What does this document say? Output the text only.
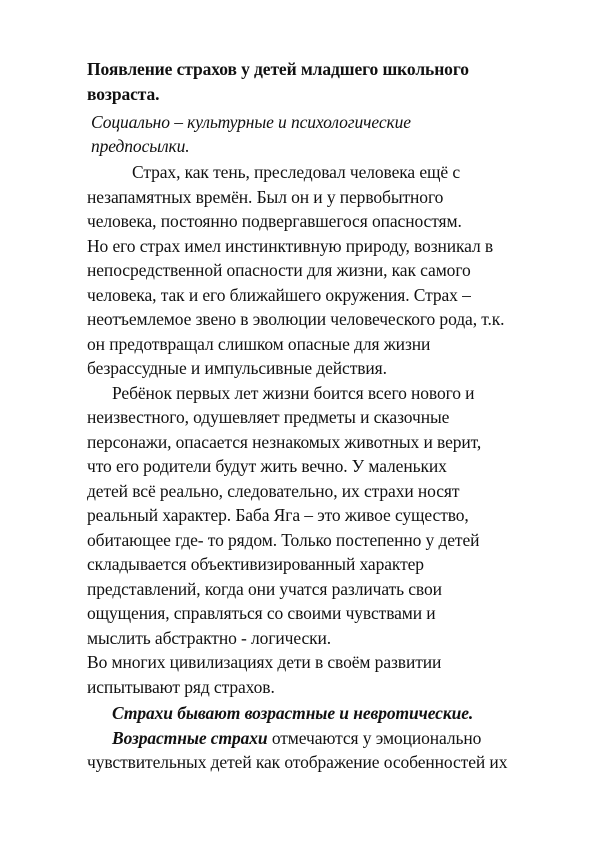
Появление страхов у детей младшего школьного
возраста.
Социально – культурные и психологические
предпосылки.
Страх, как тень, преследовал человека ещё с
незапамятных времён. Был он и у первобытного
человека, постоянно подвергавшегося опасностям.
Но его страх имел инстинктивную природу, возникал в
непосредственной опасности для жизни, как самого
человека, так и его ближайшего окружения. Страх –
неотъемлемое звено в эволюции человеческого рода, т.к.
он предотвращал слишком опасные для жизни
безрассудные и импульсивные действия.
Ребёнок первых лет жизни боится всего нового и
неизвестного, одушевляет предметы и сказочные
персонажи, опасается незнакомых животных и верит,
что его родители будут жить вечно. У маленьких
детей всё реально, следовательно, их страхи носят
реальный характер. Баба Яга – это живое существо,
обитающее где- то рядом. Только постепенно у детей
складывается объективизированный характер
представлений, когда они учатся различать свои
ощущения, справляться со своими чувствами и
мыслить абстрактно - логически.
Во многих цивилизациях дети в своём развитии
испытывают ряд страхов.
Страхи бывают возрастные и невротические.
Возрастные страхи отмечаются у эмоционально
чувствительных детей как отображение особенностей их
